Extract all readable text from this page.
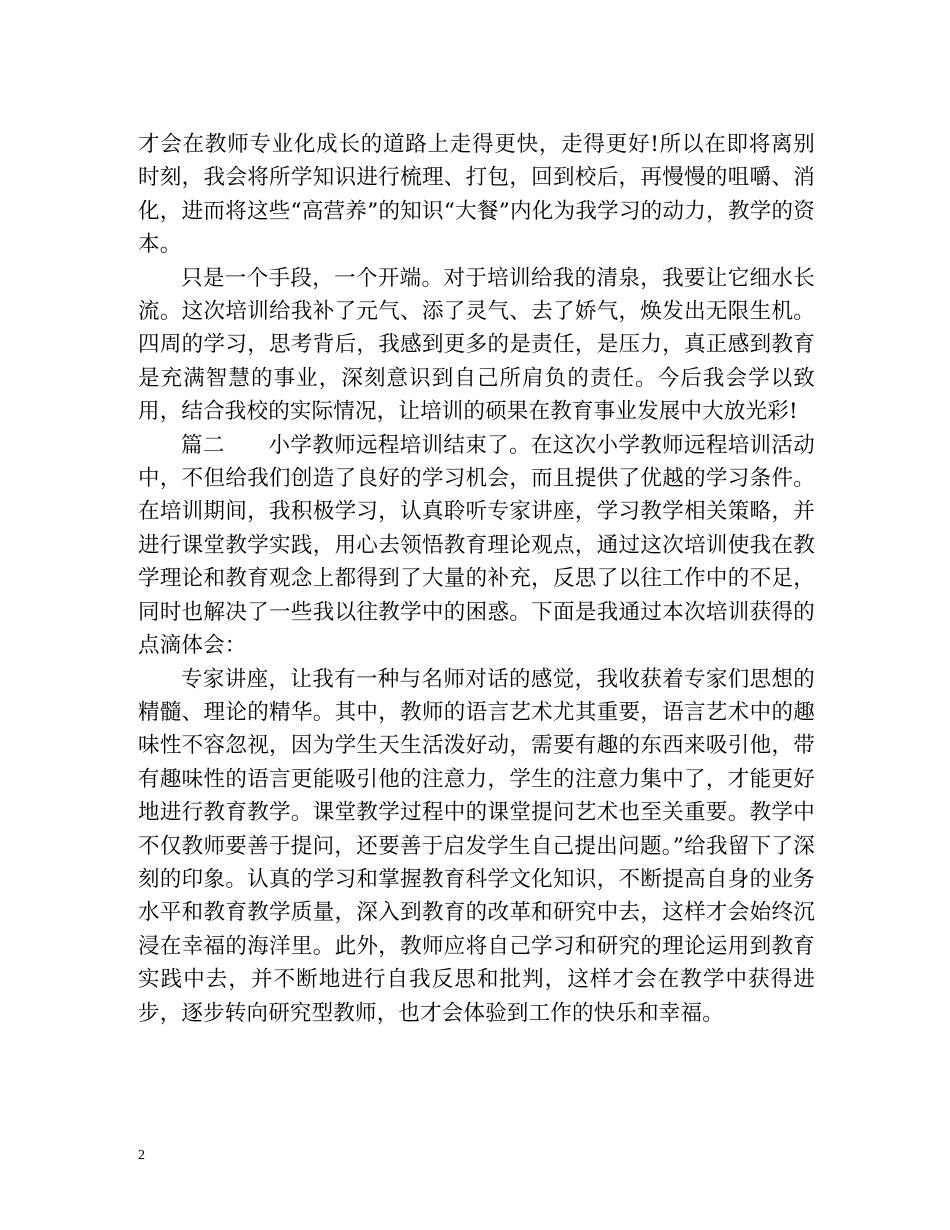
才会在教师专业化成长的道路上走得更快，走得更好!所以在即将离别时刻，我会将所学知识进行梳理、打包，回到校后，再慢慢的咀嚼、消化，进而将这些“高营养”的知识“大餐”内化为我学习的动力，教学的资本。

只是一个手段，一个开端。对于培训给我的清泉，我要让它细水长流。这次培训给我补了元气、添了灵气、去了娇气，焕发出无限生机。四周的学习，思考背后，我感到更多的是责任，是压力，真正感到教育是充满智慧的事业，深刻意识到自己所肩负的责任。今后我会学以致用，结合我校的实际情况，让培训的硕果在教育事业发展中大放光彩!

篇二　　小学教师远程培训结束了。在这次小学教师远程培训活动中，不但给我们创造了良好的学习机会，而且提供了优越的学习条件。在培训期间，我积极学习，认真聆听专家讲座，学习教学相关策略，并进行课堂教学实践，用心去领悟教育理论观点，通过这次培训使我在教学理论和教育观念上都得到了大量的补充，反思了以往工作中的不足，同时也解决了一些我以往教学中的困惑。下面是我通过本次培训获得的点滴体会：

专家讲座，让我有一种与名师对话的感觉，我收获着专家们思想的精髓、理论的精华。其中，教师的语言艺术尤其重要，语言艺术中的趣味性不容忽视，因为学生天生活泼好动，需要有趣的东西来吸引他，带有趣味性的语言更能吸引他的注意力，学生的注意力集中了，才能更好地进行教育教学。课堂教学过程中的课堂提问艺术也至关重要。教学中不仅教师要善于提问，还要善于启发学生自己提出问题。”给我留下了深刻的印象。认真的学习和掌握教育科学文化知识，不断提高自身的业务水平和教育教学质量，深入到教育的改革和研究中去，这样才会始终沉浸在幸福的海洋里。此外，教师应将自己学习和研究的理论运用到教育实践中去，并不断地进行自我反思和批判，这样才会在教学中获得进步，逐步转向研究型教师，也才会体验到工作的快乐和幸福。

2
